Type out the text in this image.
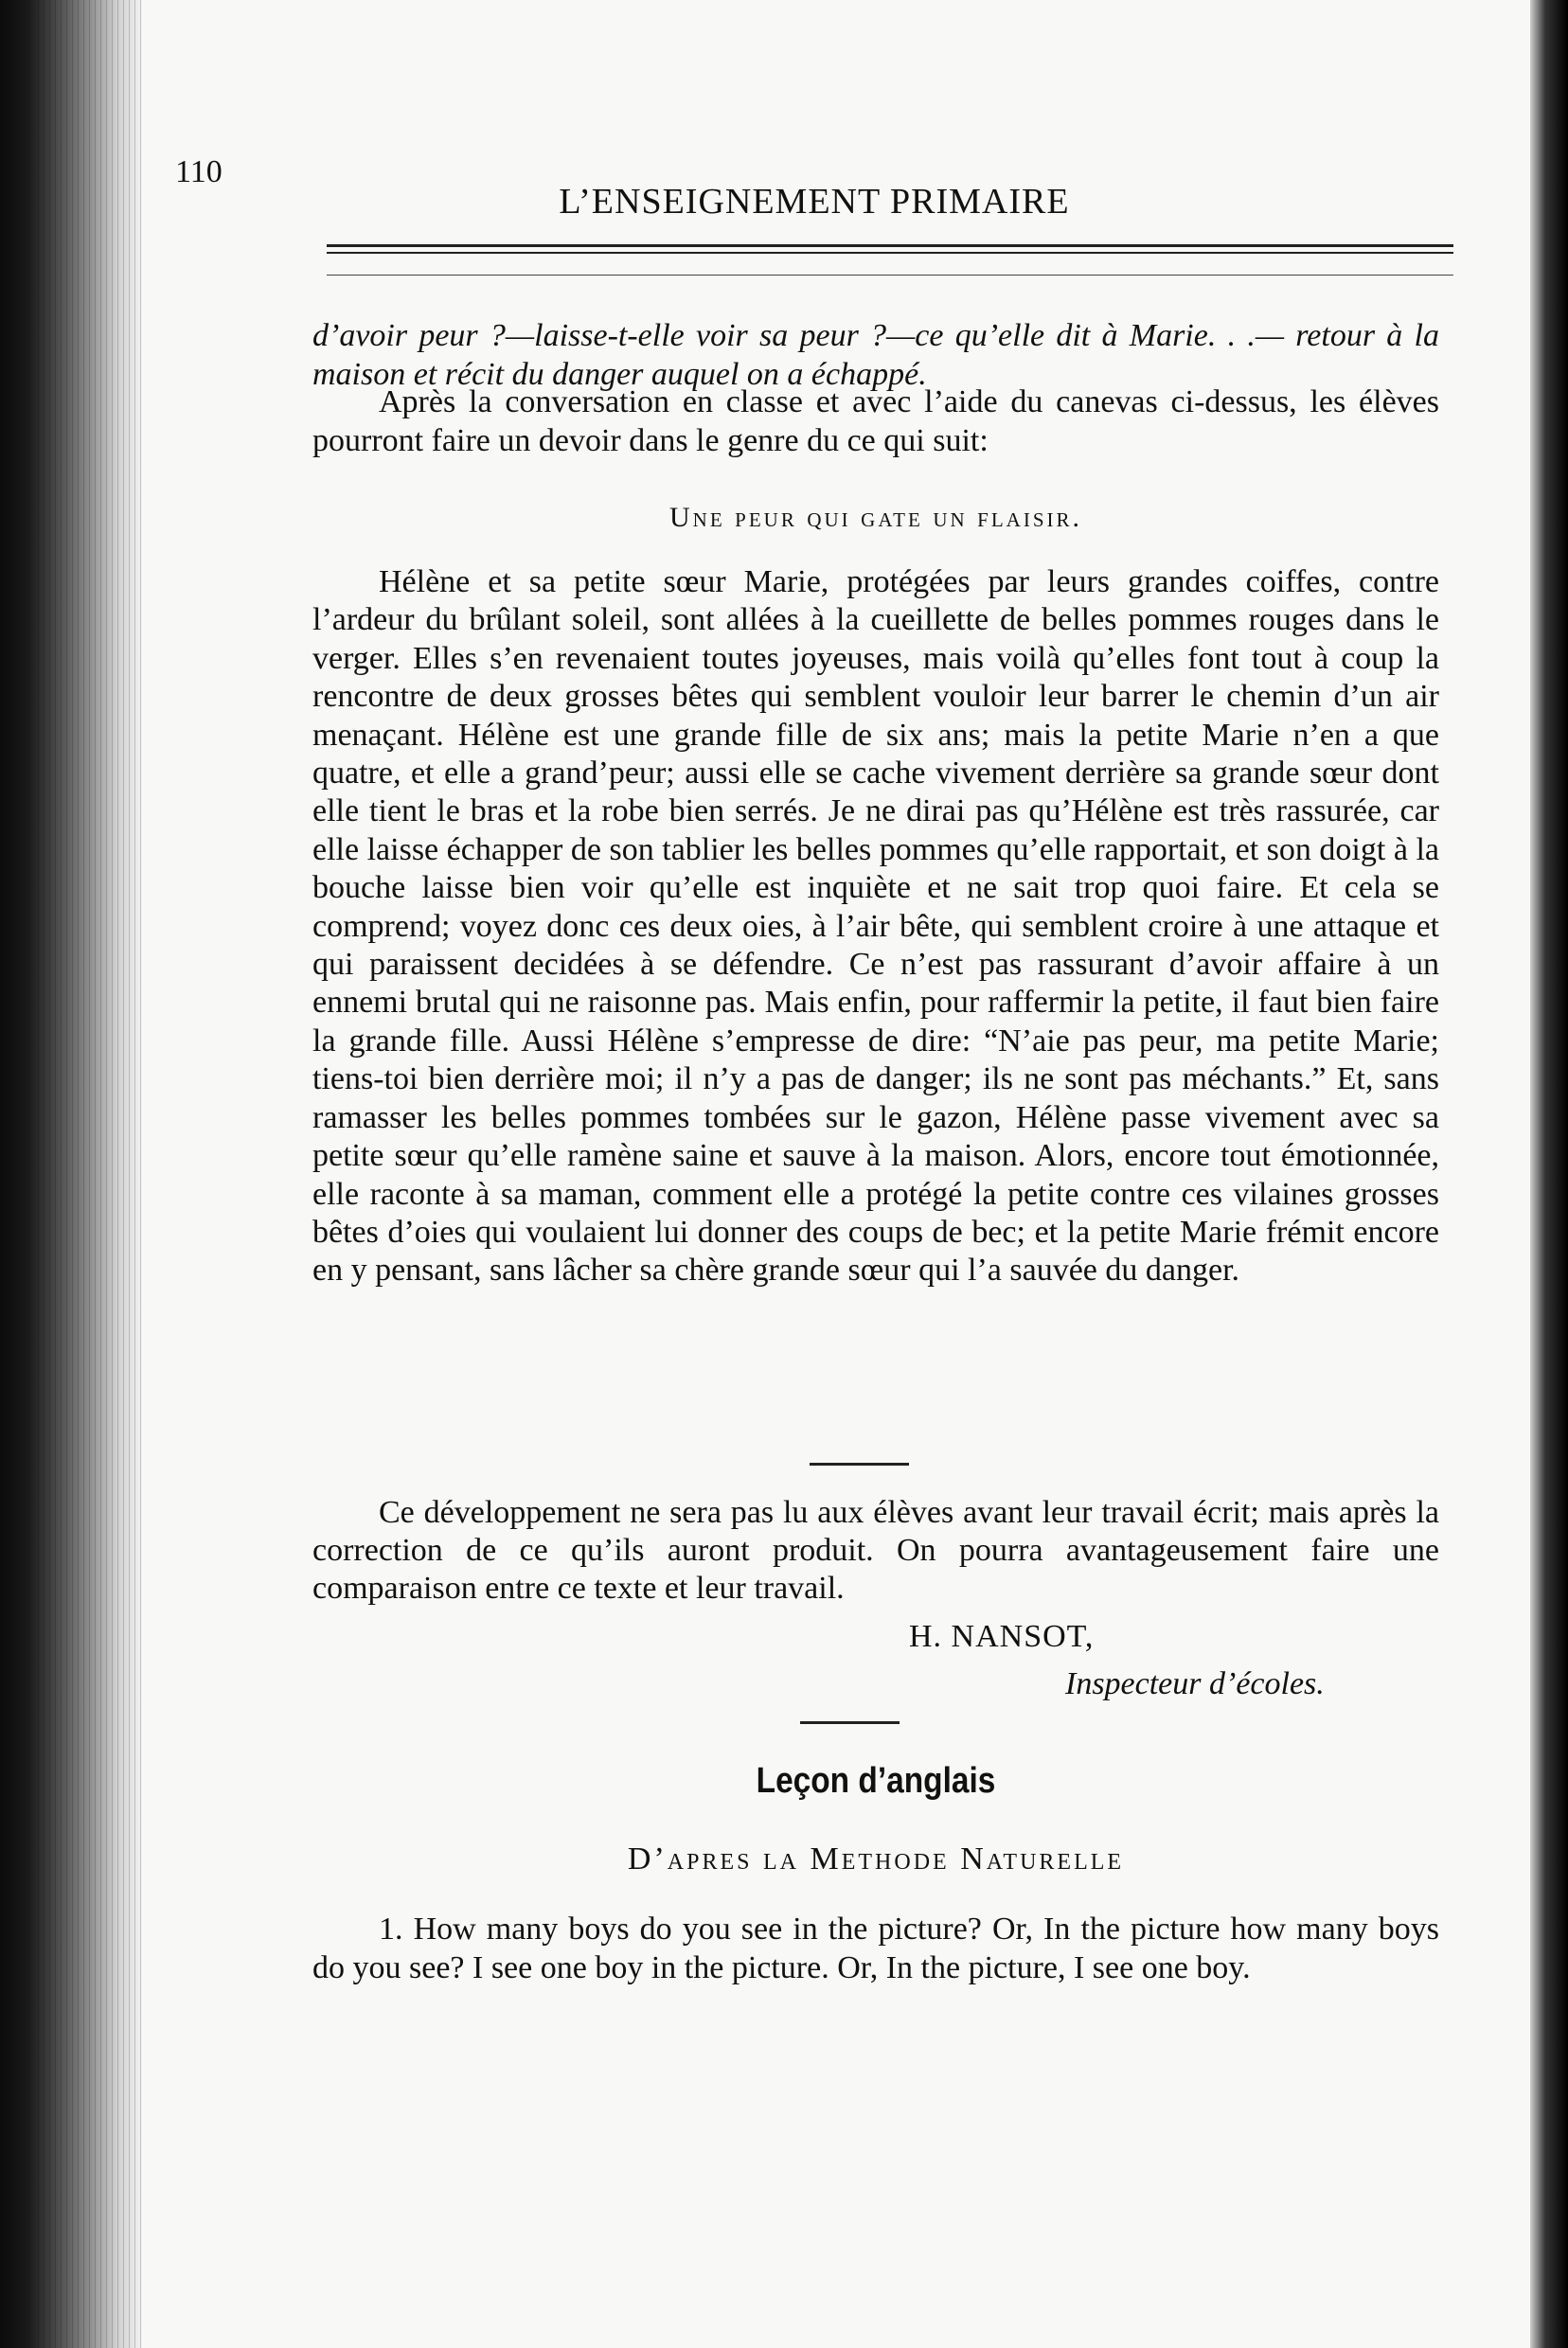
110
L’ENSEIGNEMENT PRIMAIRE

d’avoir peur ?—laisse-t-elle voir sa peur ?—ce qu’elle dit à Marie. . .— retour à la maison et récit du danger auquel on a échappé.

Après la conversation en classe et avec l’aide du canevas ci-dessus, les élèves pourront faire un devoir dans le genre du ce qui suit:

Une peur qui gate un flaisir.

Hélène et sa petite sœur Marie, protégées par leurs grandes coiffes, contre l’ardeur du brûlant soleil, sont allées à la cueillette de belles pommes rouges dans le verger. Elles s’en revenaient toutes joyeuses, mais voilà qu’elles font tout à coup la rencontre de deux grosses bêtes qui semblent vouloir leur barrer le chemin d’un air menaçant. Hélène est une grande fille de six ans; mais la petite Marie n’en a que quatre, et elle a grand’peur; aussi elle se cache vivement derrière sa grande sœur dont elle tient le bras et la robe bien serrés. Je ne dirai pas qu’Hélène est très rassurée, car elle laisse échapper de son tablier les belles pommes qu’elle rapportait, et son doigt à la bouche laisse bien voir qu’elle est inquiète et ne sait trop quoi faire. Et cela se comprend; voyez donc ces deux oies, à l’air bête, qui semblent croire à une attaque et qui paraissent decidées à se défendre. Ce n’est pas rassurant d’avoir affaire à un ennemi brutal qui ne raisonne pas. Mais enfin, pour raffermir la petite, il faut bien faire la grande fille. Aussi Hélène s’empresse de dire: “N’aie pas peur, ma petite Marie; tiens-toi bien derrière moi; il n’y a pas de danger; ils ne sont pas méchants.” Et, sans ramasser les belles pommes tombées sur le gazon, Hélène passe vivement avec sa petite sœur qu’elle ramène saine et sauve à la maison. Alors, encore tout émotionnée, elle raconte à sa maman, comment elle a protégé la petite contre ces vilaines grosses bêtes d’oies qui voulaient lui donner des coups de bec; et la petite Marie frémit encore en y pensant, sans lâcher sa chère grande sœur qui l’a sauvée du danger.

Ce développement ne sera pas lu aux élèves avant leur travail écrit; mais après la correction de ce qu’ils auront produit. On pourra avantageusement faire une comparaison entre ce texte et leur travail.

H. NANSOT,
Inspecteur d’écoles.
Leçon d’anglais
D’apres la Methode Naturelle

1. How many boys do you see in the picture? Or, In the picture how many boys do you see? I see one boy in the picture. Or, In the picture, I see one boy.
